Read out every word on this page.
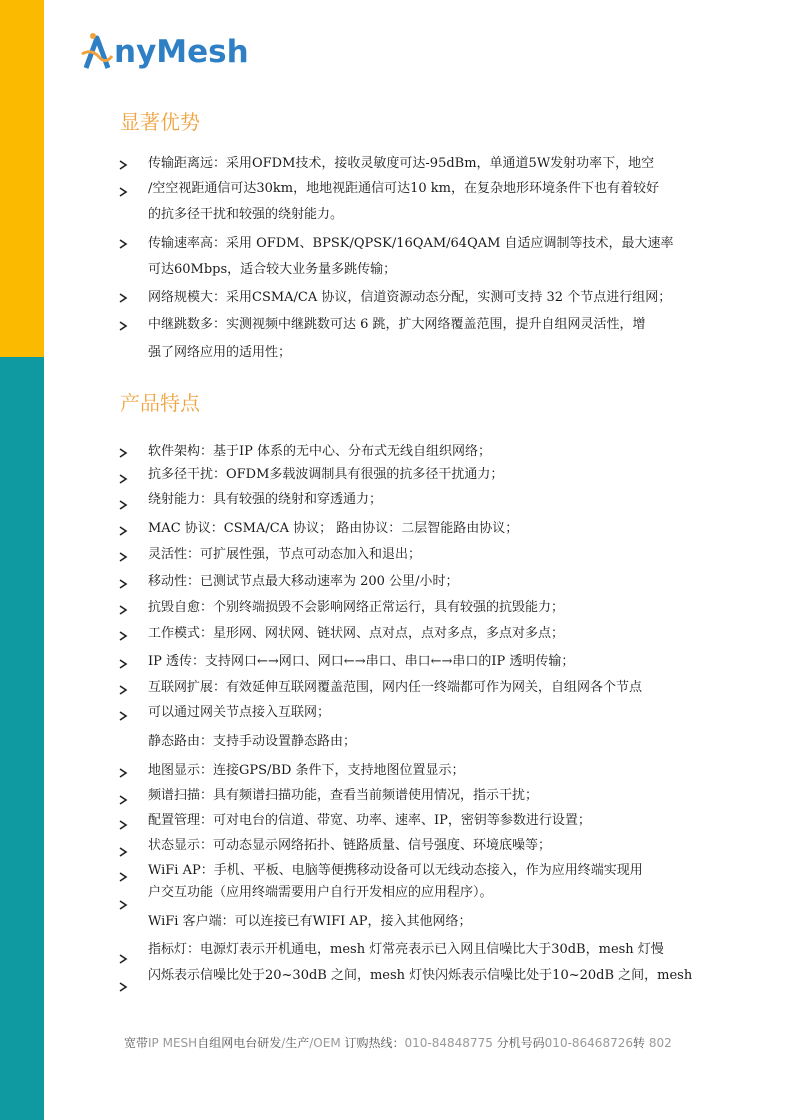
nyMesh
显著优势
产品特点
传输距离远：采用OFDM技术，接收灵敏度可达-95dBm，单通道5W发射功率下，地空
/空空视距通信可达30km，地地视距通信可达10 km，在复杂地形环境条件下也有着较好
的抗多径干扰和较强的绕射能力。
传输速率高：采用 OFDM、BPSK/QPSK/16QAM/64QAM 自适应调制等技术，最大速率
可达60Mbps，适合较大业务量多跳传输；
网络规模大：采用CSMA/CA 协议，信道资源动态分配，实测可支持 32 个节点进行组网；
中继跳数多：实测视频中继跳数可达 6 跳，扩大网络覆盖范围，提升自组网灵活性，增
强了网络应用的适用性；
软件架构：基于IP 体系的无中心、分布式无线自组织网络；
抗多径干扰：OFDM多载波调制具有很强的抗多径干扰通力；
绕射能力：具有较强的绕射和穿透通力；
MAC 协议：CSMA/CA 协议； 路由协议：二层智能路由协议；
灵活性：可扩展性强，节点可动态加入和退出；
移动性：已测试节点最大移动速率为 200 公里/小时；
抗毁自愈：个别终端损毁不会影响网络正常运行，具有较强的抗毁能力；
工作模式：星形网、网状网、链状网、点对点，点对多点，多点对多点；
IP 透传：支持网口←→网口、网口←→串口、串口←→串口的IP 透明传输；
互联网扩展：有效延伸互联网覆盖范围，网内任一终端都可作为网关，自组网各个节点
可以通过网关节点接入互联网；
静态路由：支持手动设置静态路由；
地图显示：连接GPS/BD 条件下，支持地图位置显示；
频谱扫描：具有频谱扫描功能，查看当前频谱使用情况，指示干扰；
配置管理：可对电台的信道、带宽、功率、速率、IP，密钥等参数进行设置；
状态显示：可动态显示网络拓扑、链路质量、信号强度、环境底噪等；
WiFi AP：手机、平板、电脑等便携移动设备可以无线动态接入，作为应用终端实现用
户交互功能（应用终端需要用户自行开发相应的应用程序）。
WiFi 客户端：可以连接已有WIFI AP，接入其他网络；
指标灯：电源灯表示开机通电，mesh 灯常亮表示已入网且信噪比大于30dB，mesh 灯慢
闪烁表示信噪比处于20~30dB 之间，mesh 灯快闪烁表示信噪比处于10~20dB 之间，mesh
宽带IP MESH自组网电台研发/生产/OEM 订购热线：010-84848775 分机号码010-86468726转 802
